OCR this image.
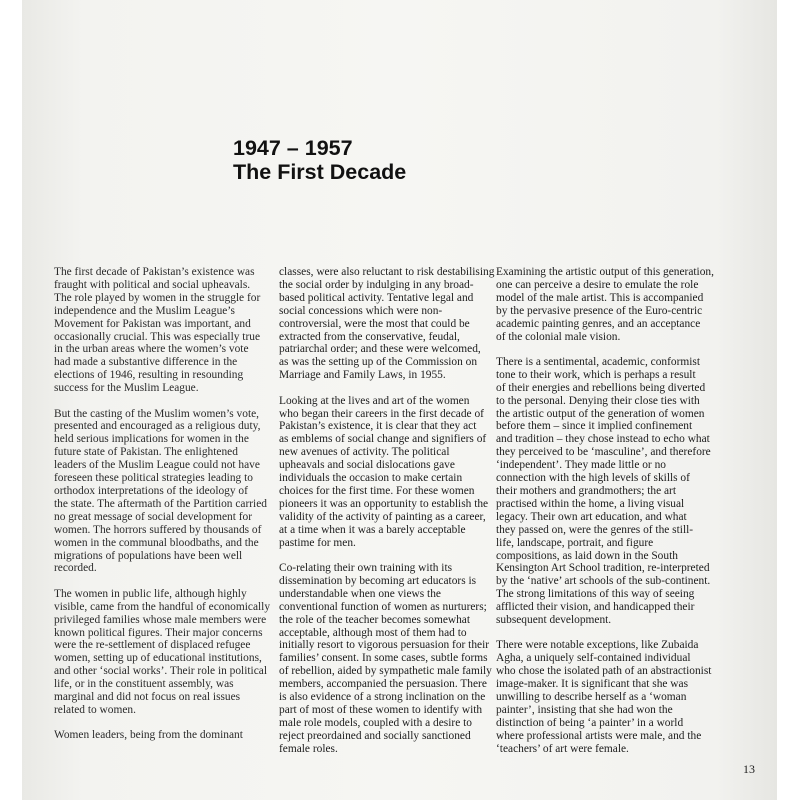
1947 – 1957
The First Decade

The first decade of Pakistan’s existence was
fraught with political and social upheavals.
The role played by women in the struggle for
independence and the Muslim League’s
Movement for Pakistan was important, and
occasionally crucial. This was especially true
in the urban areas where the women’s vote
had made a substantive difference in the
elections of 1946, resulting in resounding
success for the Muslim League.

But the casting of the Muslim women’s vote,
presented and encouraged as a religious duty,
held serious implications for women in the
future state of Pakistan. The enlightened
leaders of the Muslim League could not have
foreseen these political strategies leading to
orthodox interpretations of the ideology of
the state. The aftermath of the Partition carried
no great message of social development for
women. The horrors suffered by thousands of
women in the communal bloodbaths, and the
migrations of populations have been well
recorded.

The women in public life, although highly
visible, came from the handful of economically
privileged families whose male members were
known political figures. Their major concerns
were the re-settlement of displaced refugee
women, setting up of educational institutions,
and other ‘social works’. Their role in political
life, or in the constituent assembly, was
marginal and did not focus on real issues
related to women.

Women leaders, being from the dominant

classes, were also reluctant to risk destabilising
the social order by indulging in any broad-
based political activity. Tentative legal and
social concessions which were non-
controversial, were the most that could be
extracted from the conservative, feudal,
patriarchal order; and these were welcomed,
as was the setting up of the Commission on
Marriage and Family Laws, in 1955.

Looking at the lives and art of the women
who began their careers in the first decade of
Pakistan’s existence, it is clear that they act
as emblems of social change and signifiers of
new avenues of activity. The political
upheavals and social dislocations gave
individuals the occasion to make certain
choices for the first time. For these women
pioneers it was an opportunity to establish the
validity of the activity of painting as a career,
at a time when it was a barely acceptable
pastime for men.

Co-relating their own training with its
dissemination by becoming art educators is
understandable when one views the
conventional function of women as nurturers;
the role of the teacher becomes somewhat
acceptable, although most of them had to
initially resort to vigorous persuasion for their
families’ consent. In some cases, subtle forms
of rebellion, aided by sympathetic male family
members, accompanied the persuasion. There
is also evidence of a strong inclination on the
part of most of these women to identify with
male role models, coupled with a desire to
reject preordained and socially sanctioned
female roles.

Examining the artistic output of this generation,
one can perceive a desire to emulate the role
model of the male artist. This is accompanied
by the pervasive presence of the Euro-centric
academic painting genres, and an acceptance
of the colonial male vision.

There is a sentimental, academic, conformist
tone to their work, which is perhaps a result
of their energies and rebellions being diverted
to the personal. Denying their close ties with
the artistic output of the generation of women
before them – since it implied confinement
and tradition – they chose instead to echo what
they perceived to be ‘masculine’, and therefore
‘independent’. They made little or no
connection with the high levels of skills of
their mothers and grandmothers; the art
practised within the home, a living visual
legacy. Their own art education, and what
they passed on, were the genres of the still-
life, landscape, portrait, and figure
compositions, as laid down in the South
Kensington Art School tradition, re-interpreted
by the ‘native’ art schools of the sub-continent.
The strong limitations of this way of seeing
afflicted their vision, and handicapped their
subsequent development.

There were notable exceptions, like Zubaida
Agha, a uniquely self-contained individual
who chose the isolated path of an abstractionist
image-maker. It is significant that she was
unwilling to describe herself as a ‘woman
painter’, insisting that she had won the
distinction of being ‘a painter’ in a world
where professional artists were male, and the
‘teachers’ of art were female.

13
